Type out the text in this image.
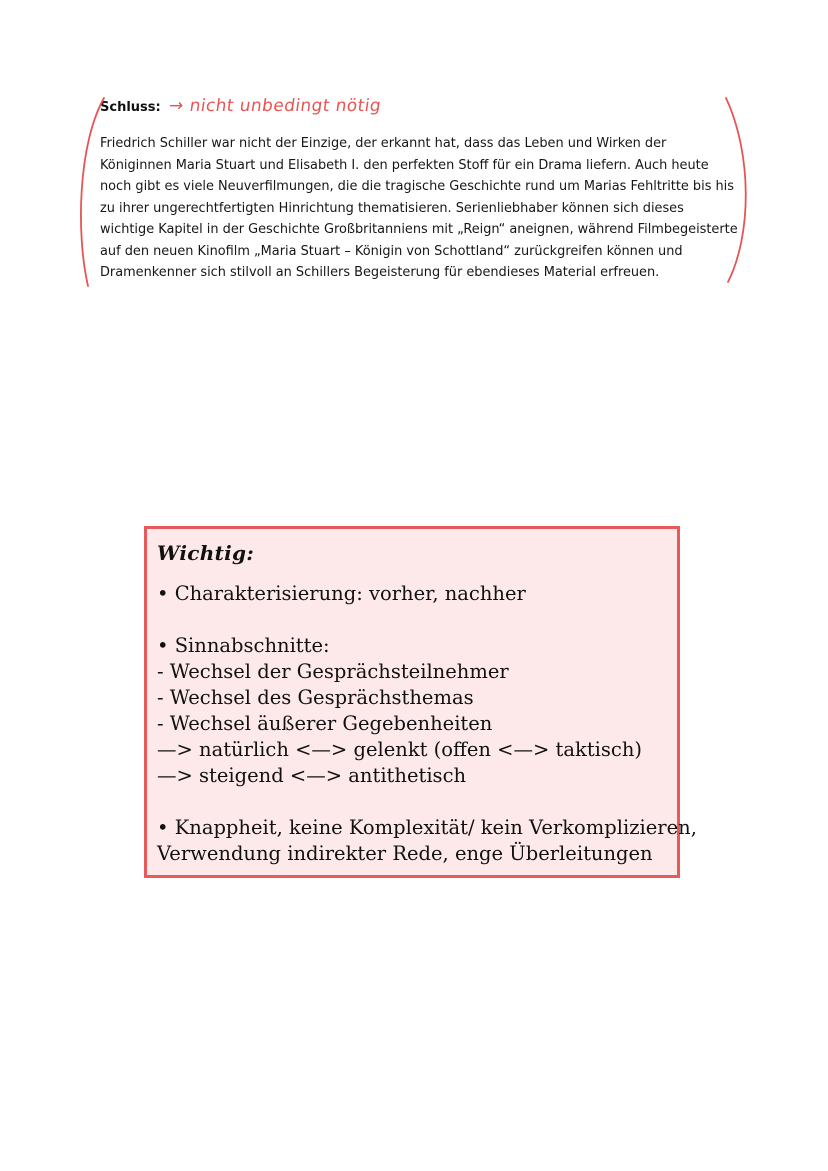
Schluss: → nicht unbedingt nötig

Friedrich Schiller war nicht der Einzige, der erkannt hat, dass das Leben und Wirken der Königinnen Maria Stuart und Elisabeth I. den perfekten Stoff für ein Drama liefern. Auch heute noch gibt es viele Neuverfilmungen, die die tragische Geschichte rund um Marias Fehltritte bis his zu ihrer ungerechtfertigten Hinrichtung thematisieren. Serienliebhaber können sich dieses wichtige Kapitel in der Geschichte Großbritanniens mit „Reign“ aneignen, während Filmbegeisterte auf den neuen Kinofilm „Maria Stuart – Königin von Schottland“ zurückgreifen können und Dramenkenner sich stilvoll an Schillers Begeisterung für ebendieses Material erfreuen.

Wichtig:

• Charakterisierung: vorher, nachher

• Sinnabschnitte:

- Wechsel der Gesprächsteilnehmer

- Wechsel des Gesprächsthemas

- Wechsel äußerer Gegebenheiten

—> natürlich <—> gelenkt (offen <—> taktisch)

—> steigend <—> antithetisch

• Knappheit, keine Komplexität/ kein Verkomplizieren,

Verwendung indirekter Rede, enge Überleitungen
